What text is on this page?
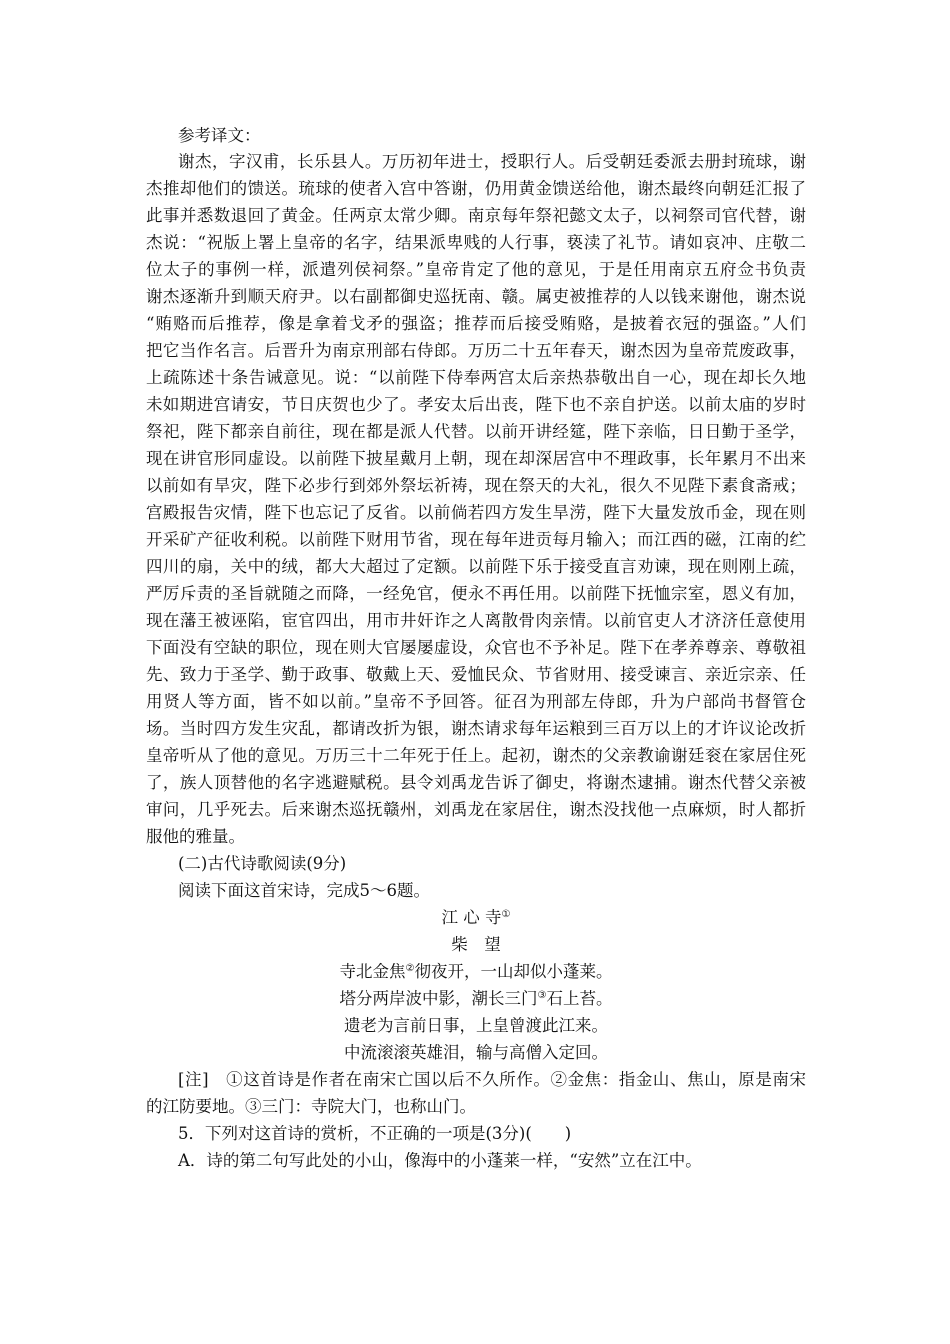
参考译文：
谢杰，字汉甫，长乐县人。万历初年进士，授职行人。后受朝廷委派去册封琉球，谢
杰推却他们的馈送。琉球的使者入宫中答谢，仍用黄金馈送给他，谢杰最终向朝廷汇报了
此事并悉数退回了黄金。任两京太常少卿。南京每年祭祀懿文太子，以祠祭司官代替，谢
杰说：“祝版上署上皇帝的名字，结果派卑贱的人行事，亵渎了礼节。请如哀冲、庄敬二
位太子的事例一样，派遣列侯祠祭。”皇帝肯定了他的意见，于是任用南京五府佥书负责
谢杰逐渐升到顺天府尹。以右副都御史巡抚南、赣。属吏被推荐的人以钱来谢他，谢杰说
“贿赂而后推荐，像是拿着戈矛的强盗；推荐而后接受贿赂，是披着衣冠的强盗。”人们
把它当作名言。后晋升为南京刑部右侍郎。万历二十五年春天，谢杰因为皇帝荒废政事，
上疏陈述十条告诫意见。说：“以前陛下侍奉两宫太后亲热恭敬出自一心，现在却长久地
未如期进宫请安，节日庆贺也少了。孝安太后出丧，陛下也不亲自护送。以前太庙的岁时
祭祀，陛下都亲自前往，现在都是派人代替。以前开讲经筵，陛下亲临，日日勤于圣学，
现在讲官形同虚设。以前陛下披星戴月上朝，现在却深居宫中不理政事，长年累月不出来
以前如有旱灾，陛下必步行到郊外祭坛祈祷，现在祭天的大礼，很久不见陛下素食斋戒；
宫殿报告灾情，陛下也忘记了反省。以前倘若四方发生旱涝，陛下大量发放币金，现在则
开采矿产征收利税。以前陛下财用节省，现在每年进贡每月输入；而江西的磁，江南的纻
四川的扇，关中的绒，都大大超过了定额。以前陛下乐于接受直言劝谏，现在则刚上疏，
严厉斥责的圣旨就随之而降，一经免官，便永不再任用。以前陛下抚恤宗室，恩义有加，
现在藩王被诬陷，宦官四出，用市井奸诈之人离散骨肉亲情。以前官吏人才济济任意使用
下面没有空缺的职位，现在则大官屡屡虚设，众官也不予补足。陛下在孝养尊亲、尊敬祖
先、致力于圣学、勤于政事、敬戴上天、爱恤民众、节省财用、接受谏言、亲近宗亲、任
用贤人等方面，皆不如以前。”皇帝不予回答。征召为刑部左侍郎，升为户部尚书督管仓
场。当时四方发生灾乱，都请改折为银，谢杰请求每年运粮到三百万以上的才许议论改折
皇帝听从了他的意见。万历三十二年死于任上。起初，谢杰的父亲教谕谢廷衮在家居住死
了，族人顶替他的名字逃避赋税。县令刘禹龙告诉了御史，将谢杰逮捕。谢杰代替父亲被
审问，几乎死去。后来谢杰巡抚赣州，刘禹龙在家居住，谢杰没找他一点麻烦，时人都折
服他的雅量。
(二)古代诗歌阅读(9分)
阅读下面这首宋诗，完成5～6题。
江 心 寺①
柴　望
寺北金焦②彻夜开，一山却似小蓬莱。
塔分两岸波中影，潮长三门③石上苔。
遗老为言前日事，上皇曾渡此江来。
中流滚滚英雄泪，输与高僧入定回。
[注]　①这首诗是作者在南宋亡国以后不久所作。②金焦：指金山、焦山，原是南宋
的江防要地。③三门：寺院大门，也称山门。
5．下列对这首诗的赏析，不正确的一项是(3分)(　　)
A．诗的第二句写此处的小山，像海中的小蓬莱一样，“安然”立在江中。
